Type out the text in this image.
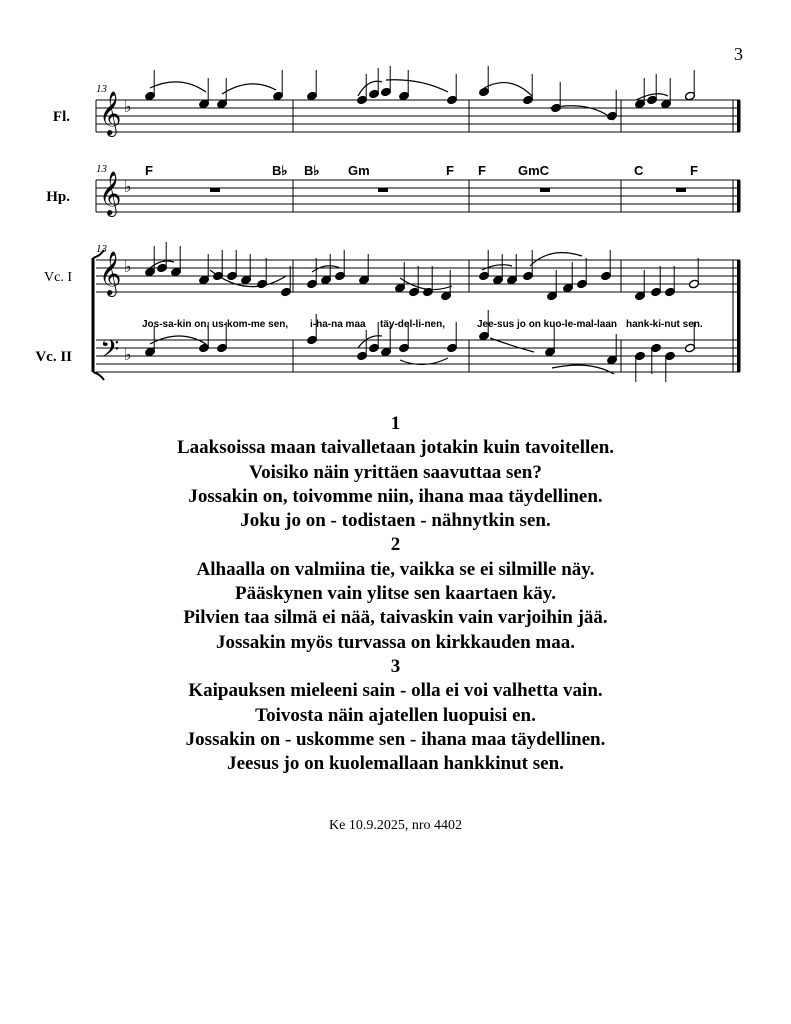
3
13
13
13
Fl.
Hp.
Vc. I
Vc. II
𝄞
𝄞
𝄞
𝄢
♭
♭
♭
♭
F	B♭ B♭ Gm	F F GmC	C	F
Jos-sa-kin on, us-kom-me sen, i-ha-na maa täy-del-li-nen,	Jee-sus jo on kuo-le-mal-laan hank-ki-nut sen.

1

Laaksoissa maan taivalletaan jotakin kuin tavoitellen.

Voisiko näin yrittäen saavuttaa sen?

Jossakin on, toivomme niin, ihana maa täydellinen.

Joku jo on - todistaen - nähnytkin sen.

2

Alhaalla on valmiina tie, vaikka se ei silmille näy.

Pääskynen vain ylitse sen kaartaen käy.

Pilvien taa silmä ei nää, taivaskin vain varjoihin jää.

Jossakin myös turvassa on kirkkauden maa.

3

Kaipauksen mieleeni sain - olla ei voi valhetta vain.

Toivosta näin ajatellen luopuisi en.

Jossakin on - uskomme sen - ihana maa täydellinen.

Jeesus jo on kuolemallaan hankkinut sen.

Ke 10.9.2025, nro 4402
